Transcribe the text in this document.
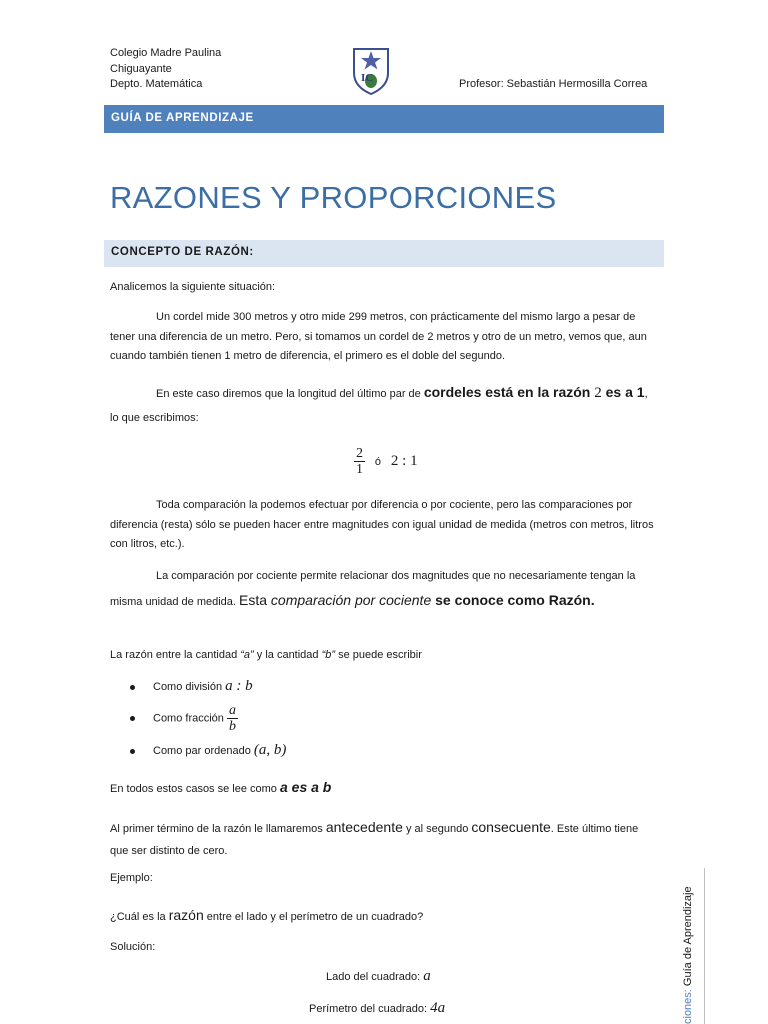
Colegio Madre Paulina
Chiguayante
Depto. Matemática	IC	Profesor: Sebastián Hermosilla Correa
GUÍA DE APRENDIZAJE
RAZONES Y PROPORCIONES
CONCEPTO DE RAZÓN:
Analicemos la siguiente situación:
Un cordel mide 300 metros y otro mide 299 metros, con prácticamente del mismo largo a pesar de tener una diferencia de un metro. Pero, si tomamos un cordel de 2 metros y otro de un metro, vemos que, aun cuando también tienen 1 metro de diferencia, el primero es el doble del segundo.
En este caso diremos que la longitud del último par de cordeles está en la razón 2 es a 1, lo que escribimos:
$\frac{2}{1}$ ó 2 : 1
Toda comparación la podemos efectuar por diferencia o por cociente, pero las comparaciones por diferencia (resta) sólo se pueden hacer entre magnitudes con igual unidad de medida (metros con metros, litros con litros, etc.).
La comparación por cociente permite relacionar dos magnitudes que no necesariamente tengan la misma unidad de medida. Esta comparación por cociente se conoce como Razón.
La razón entre la cantidad “a” y la cantidad “b” se puede escribir
Como división a : b
Como fracción $\frac{a}{b}$
Como par ordenado (a, b)
En todos estos casos se lee como a es a b
Al primer término de la razón le llamaremos antecedente y al segundo consecuente. Este último tiene que ser distinto de cero.
Ejemplo:
¿Cuál es la razón entre el lado y el perímetro de un cuadrado?
Solución:
Lado del cuadrado: a
Perímetro del cuadrado: 4a	ciones: Guía de Aprendizaje
